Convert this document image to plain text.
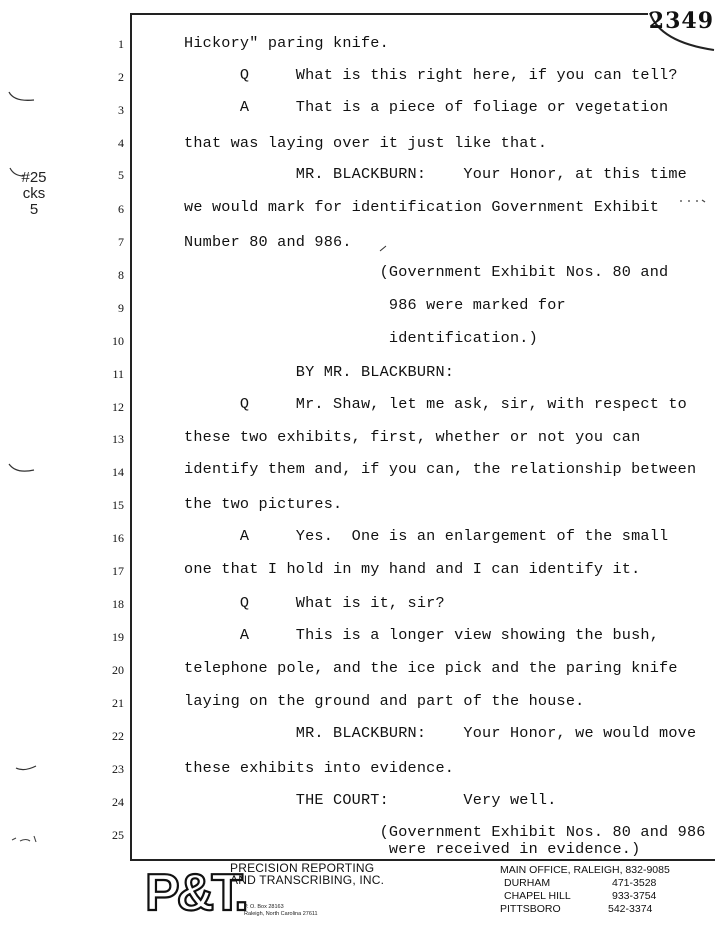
2349
#25
cks
5
1	Hickory" paring knife.
2	Q     What is this right here, if you can tell?
3	A     That is a piece of foliage or vegetation
4	that was laying over it just like that.
5	MR. BLACKBURN:    Your Honor, at this time
6	we would mark for identification Government Exhibit
7	Number 80 and 986.
8	(Government Exhibit Nos. 80 and
9	986 were marked for
10	identification.)
11	BY MR. BLACKBURN:
12	Q     Mr. Shaw, let me ask, sir, with respect to
13	these two exhibits, first, whether or not you can
14	identify them and, if you can, the relationship between
15	the two pictures.
16	A     Yes.  One is an enlargement of the small
17	one that I hold in my hand and I can identify it.
18	Q     What is it, sir?
19	A     This is a longer view showing the bush,
20	telephone pole, and the ice pick and the paring knife
21	laying on the ground and part of the house.
22	MR. BLACKBURN:    Your Honor, we would move
23	these exhibits into evidence.
24	THE COURT:        Very well.
25	(Government Exhibit Nos. 80 and 986
were received in evidence.)
P&T.
PRECISION REPORTING
AND TRANSCRIBING, INC.
P. O. Box 28163
Raleigh, North Carolina 27611
MAIN OFFICE, RALEIGH, 832-9085
DURHAM	471-3528
CHAPEL HILL	933-3754
PITTSBORO	542-3374
